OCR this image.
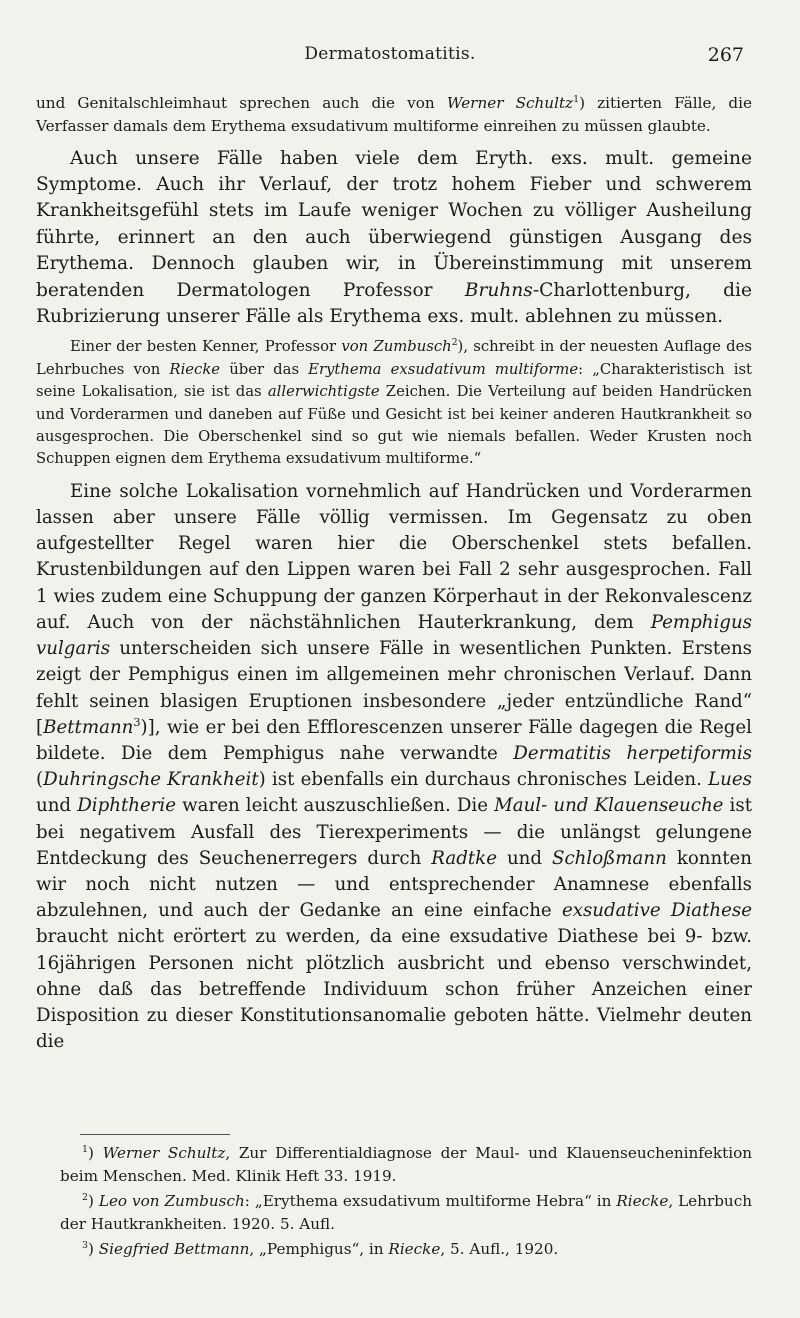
Dermatostomatitis.	267

und Genitalschleimhaut sprechen auch die von Werner Schultz$^1$) zitierten Fälle, die Verfasser damals dem Erythema exsudativum multiforme einreihen zu müssen glaubte.

Auch unsere Fälle haben viele dem Eryth. exs. mult. gemeine Symptome. Auch ihr Verlauf, der trotz hohem Fieber und schwerem Krankheitsgefühl stets im Laufe weniger Wochen zu völliger Ausheilung führte, erinnert an den auch überwiegend günstigen Ausgang des Erythema. Dennoch glauben wir, in Übereinstimmung mit unserem beratenden Dermatologen Professor Bruhns-Charlottenburg, die Rubrizierung unserer Fälle als Erythema exs. mult. ablehnen zu müssen.

Einer der besten Kenner, Professor von Zumbusch$^2$), schreibt in der neuesten Auflage des Lehrbuches von Riecke über das Erythema exsudativum multiforme: „Charakteristisch ist seine Lokalisation, sie ist das allerwichtigste Zeichen. Die Verteilung auf beiden Handrücken und Vorderarmen und daneben auf Füße und Gesicht ist bei keiner anderen Hautkrankheit so ausgesprochen. Die Oberschenkel sind so gut wie niemals befallen. Weder Krusten noch Schuppen eignen dem Erythema exsudativum multiforme.“

Eine solche Lokalisation vornehmlich auf Handrücken und Vorderarmen lassen aber unsere Fälle völlig vermissen. Im Gegensatz zu oben aufgestellter Regel waren hier die Oberschenkel stets befallen. Krustenbildungen auf den Lippen waren bei Fall 2 sehr ausgesprochen. Fall 1 wies zudem eine Schuppung der ganzen Körperhaut in der Rekonvalescenz auf. Auch von der nächstähnlichen Hauterkrankung, dem Pemphigus vulgaris unterscheiden sich unsere Fälle in wesentlichen Punkten. Erstens zeigt der Pemphigus einen im allgemeinen mehr chronischen Verlauf. Dann fehlt seinen blasigen Eruptionen insbesondere „jeder entzündliche Rand“ [Bettmann$^3$)], wie er bei den Efflorescenzen unserer Fälle dagegen die Regel bildete. Die dem Pemphigus nahe verwandte Dermatitis herpetiformis (Duhringsche Krankheit) ist ebenfalls ein durchaus chronisches Leiden. Lues und Diphtherie waren leicht auszuschließen. Die Maul- und Klauenseuche ist bei negativem Ausfall des Tierexperiments — die unlängst gelungene Entdeckung des Seuchenerregers durch Radtke und Schloßmann konnten wir noch nicht nutzen — und entsprechender Anamnese ebenfalls abzulehnen, und auch der Gedanke an eine einfache exsudative Diathese braucht nicht erörtert zu werden, da eine exsudative Diathese bei 9- bzw. 16jährigen Personen nicht plötzlich ausbricht und ebenso verschwindet, ohne daß das betreffende Individuum schon früher Anzeichen einer Disposition zu dieser Konstitutionsanomalie geboten hätte. Vielmehr deuten die

$^1$) Werner Schultz, Zur Differentialdiagnose der Maul- und Klauenseucheninfektion beim Menschen. Med. Klinik Heft 33. 1919.

$^2$) Leo von Zumbusch: „Erythema exsudativum multiforme Hebra“ in Riecke, Lehrbuch der Hautkrankheiten. 1920. 5. Aufl.

$^3$) Siegfried Bettmann, „Pemphigus“, in Riecke, 5. Aufl., 1920.
